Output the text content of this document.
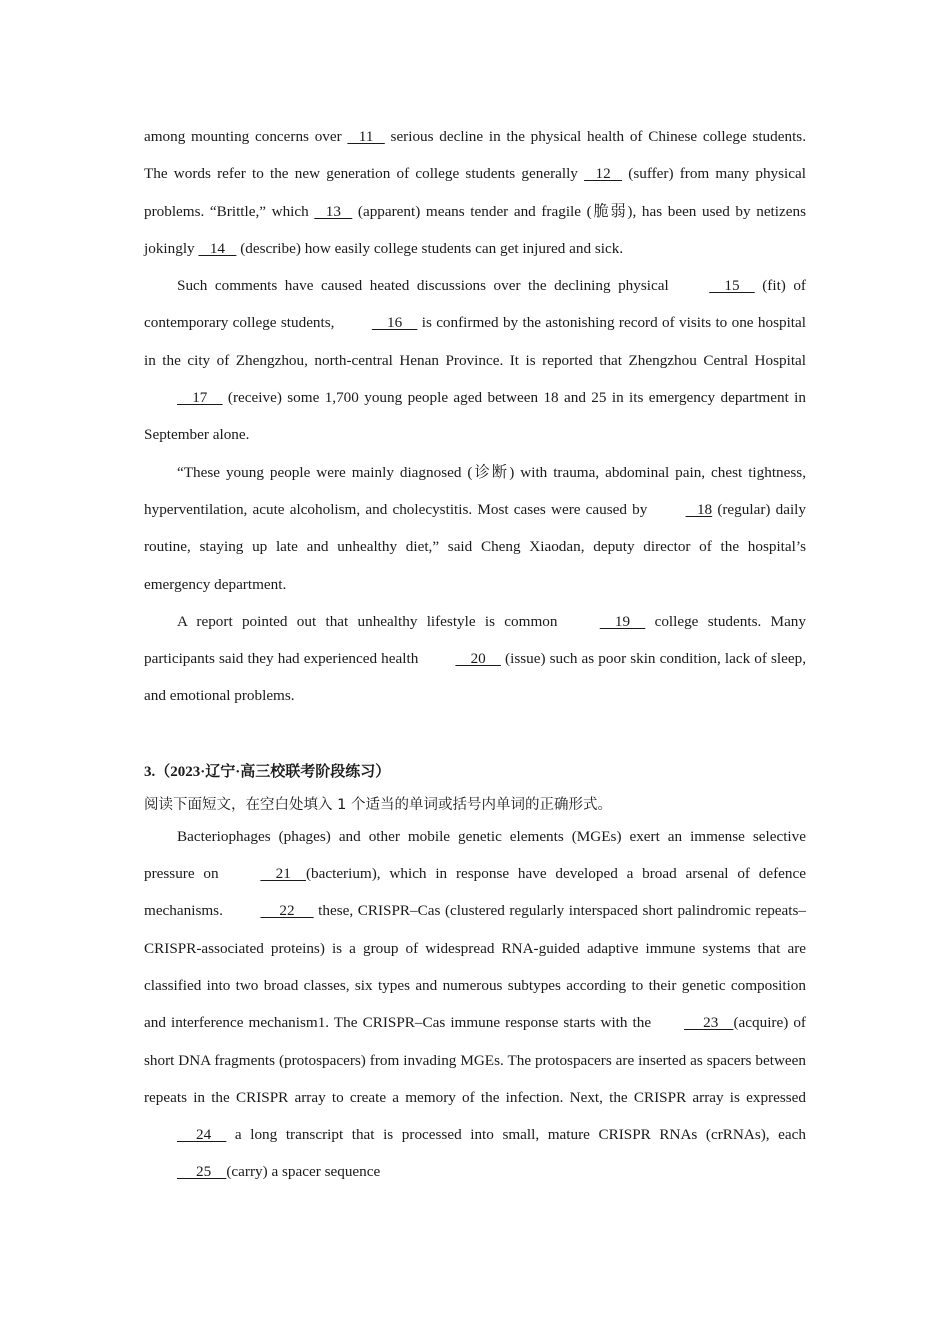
among mounting concerns over    11    serious decline in the physical health of Chinese college students. The words refer to the new generation of college students generally    12    (suffer) from many physical problems. “Brittle,” which    13    (apparent) means tender and fragile (脆弱), has been used by netizens jokingly    14    (describe) how easily college students can get injured and sick.

Such comments have caused heated discussions over the declining physical     15     (fit) of contemporary college students,     16     is confirmed by the astonishing record of visits to one hospital in the city of Zhengzhou, north-central Henan Province. It is reported that Zhengzhou Central Hospital     17     (receive) some 1,700 young people aged between 18 and 25 in its emergency department in September alone.

“These young people were mainly diagnosed (诊断) with trauma, abdominal pain, chest tightness, hyperventilation, acute alcoholism, and cholecystitis. Most cases were caused by    18 (regular) daily routine, staying up late and unhealthy diet,” said Cheng Xiaodan, deputy director of the hospital’s emergency department.

A report pointed out that unhealthy lifestyle is common     19     college students. Many participants said they had experienced health     20     (issue) such as poor skin condition, lack of sleep, and emotional problems.

3.（2023·辽宁·高三校联考阶段练习）

阅读下面短文，在空白处填入 1 个适当的单词或括号内单词的正确形式。

Bacteriophages (phages) and other mobile genetic elements (MGEs) exert an immense selective pressure on     21    (bacterium), which in response have developed a broad arsenal of defence mechanisms.      22      these, CRISPR–Cas (clustered regularly interspaced short palindromic repeats–CRISPR-associated proteins) is a group of widespread RNA-guided adaptive immune systems that are classified into two broad classes, six types and numerous subtypes according to their genetic composition and interference mechanism1. The CRISPR–Cas immune response starts with the     23    (acquire) of short DNA fragments (protospacers) from invading MGEs. The protospacers are inserted as spacers between repeats in the CRISPR array to create a memory of the infection. Next, the CRISPR array is expressed     24     a long transcript that is processed into small, mature CRISPR RNAs (crRNAs), each     25    (carry) a spacer sequence
